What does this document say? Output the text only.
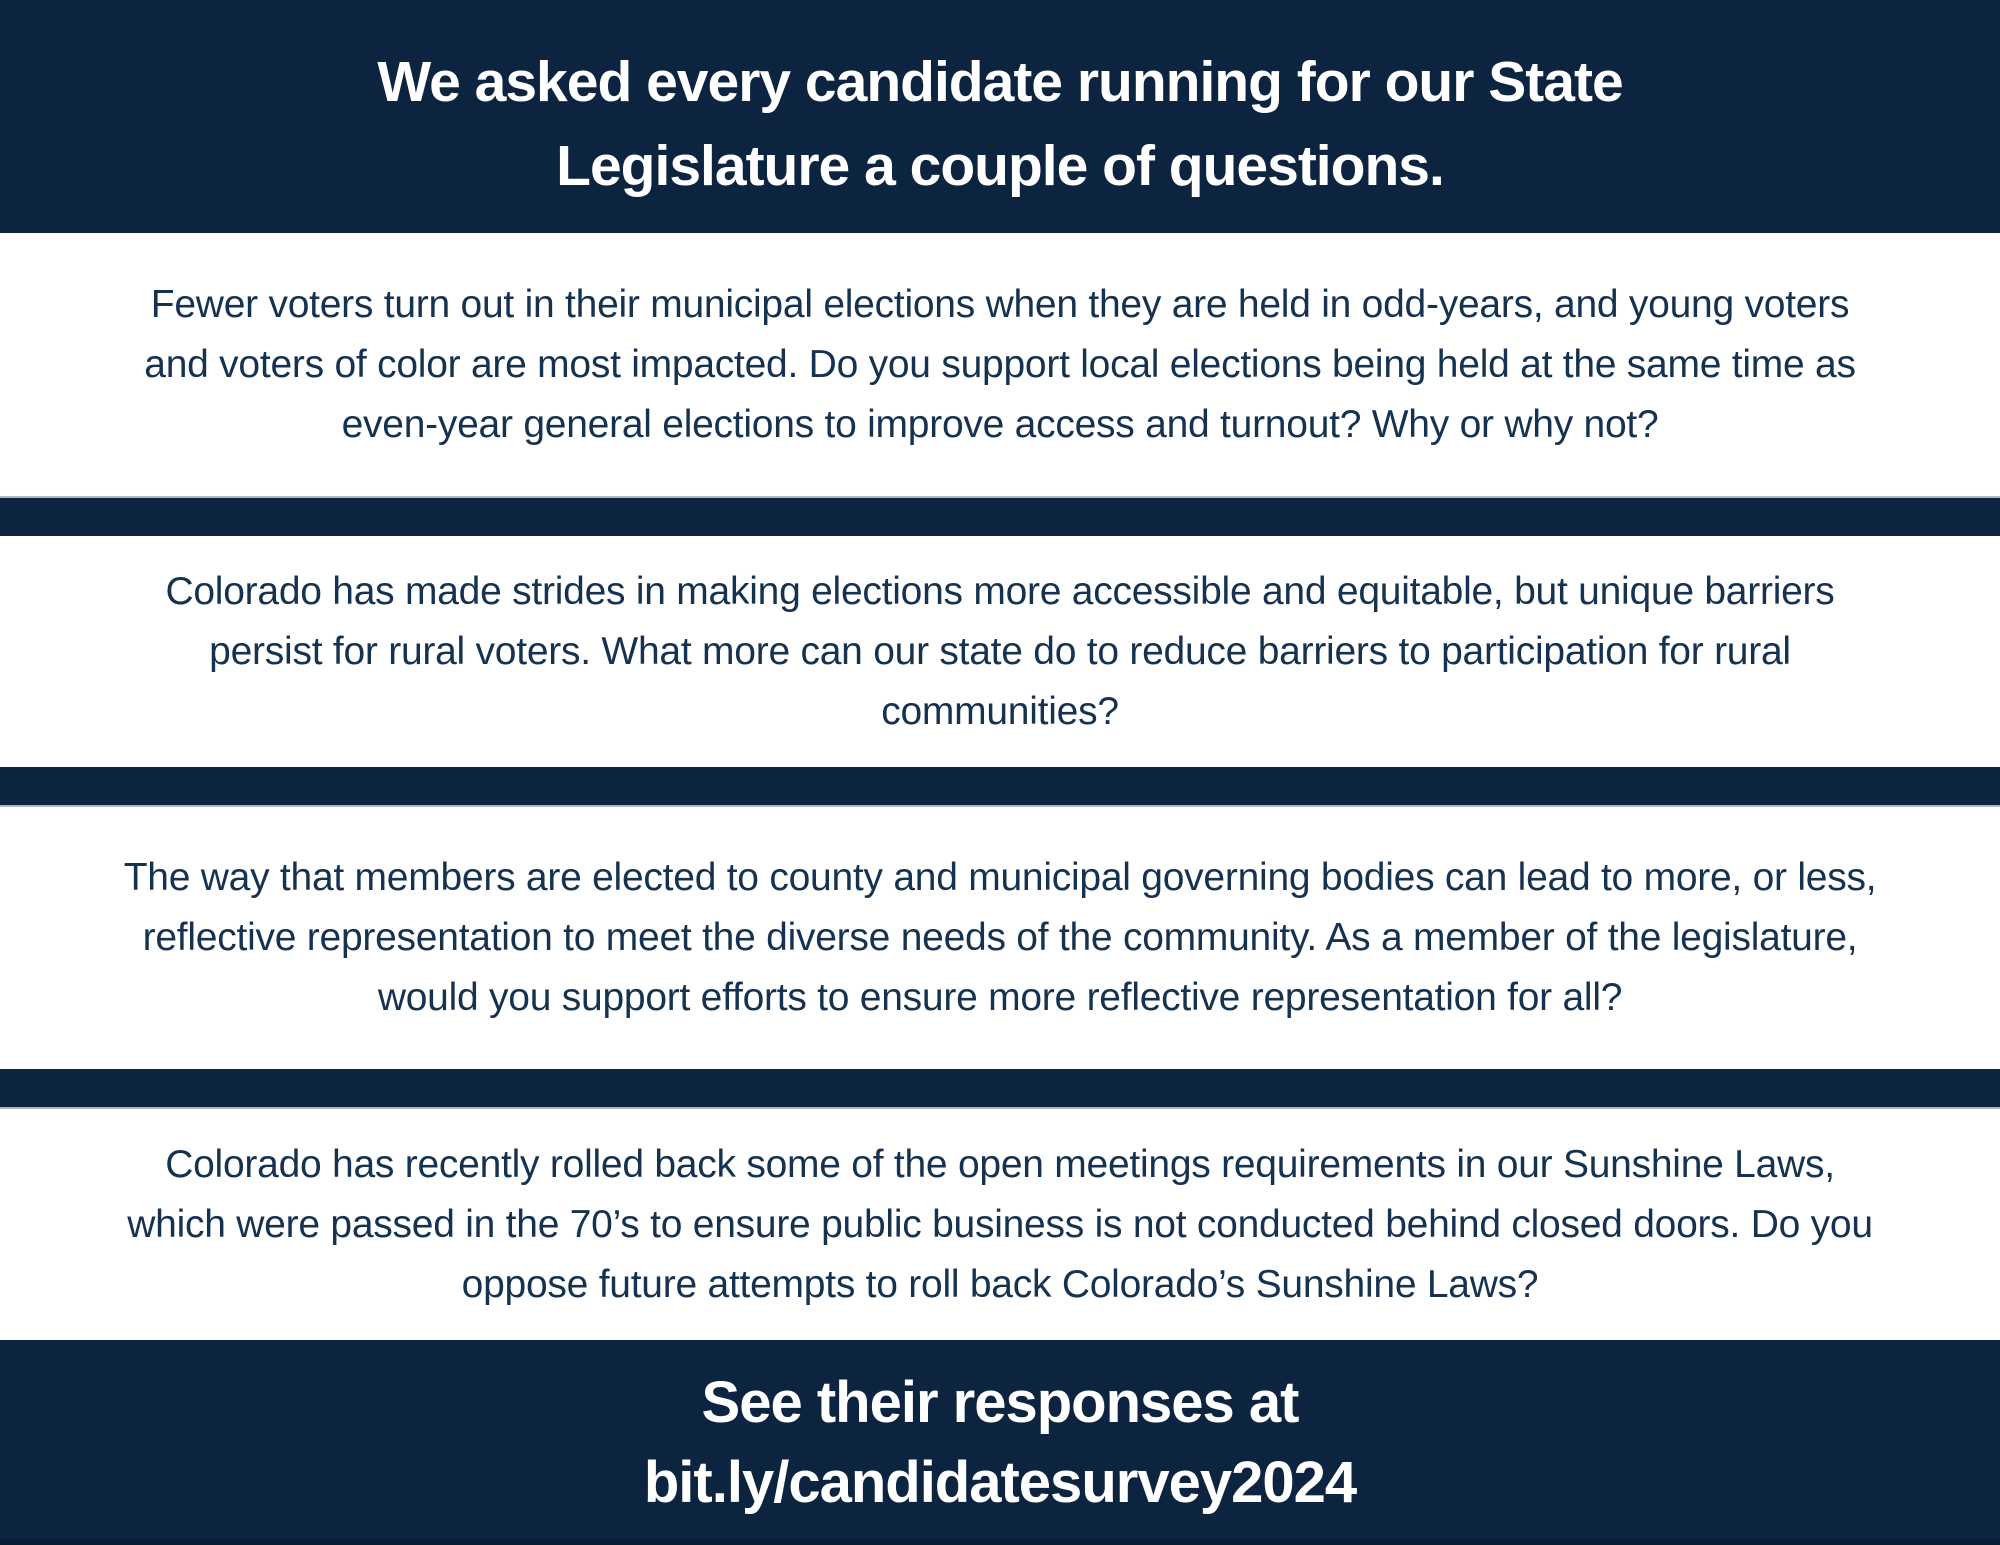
We asked every candidate running for our State Legislature a couple of questions.

Fewer voters turn out in their municipal elections when they are held in odd-years, and young voters and voters of color are most impacted. Do you support local elections being held at the same time as even-year general elections to improve access and turnout? Why or why not?

Colorado has made strides in making elections more accessible and equitable, but unique barriers persist for rural voters. What more can our state do to reduce barriers to participation for rural communities?

The way that members are elected to county and municipal governing bodies can lead to more, or less, reflective representation to meet the diverse needs of the community. As a member of the legislature, would you support efforts to ensure more reflective representation for all?

Colorado has recently rolled back some of the open meetings requirements in our Sunshine Laws, which were passed in the 70’s to ensure public business is not conducted behind closed doors. Do you oppose future attempts to roll back Colorado’s Sunshine Laws?

See their responses at
bit.ly/candidatesurvey2024
